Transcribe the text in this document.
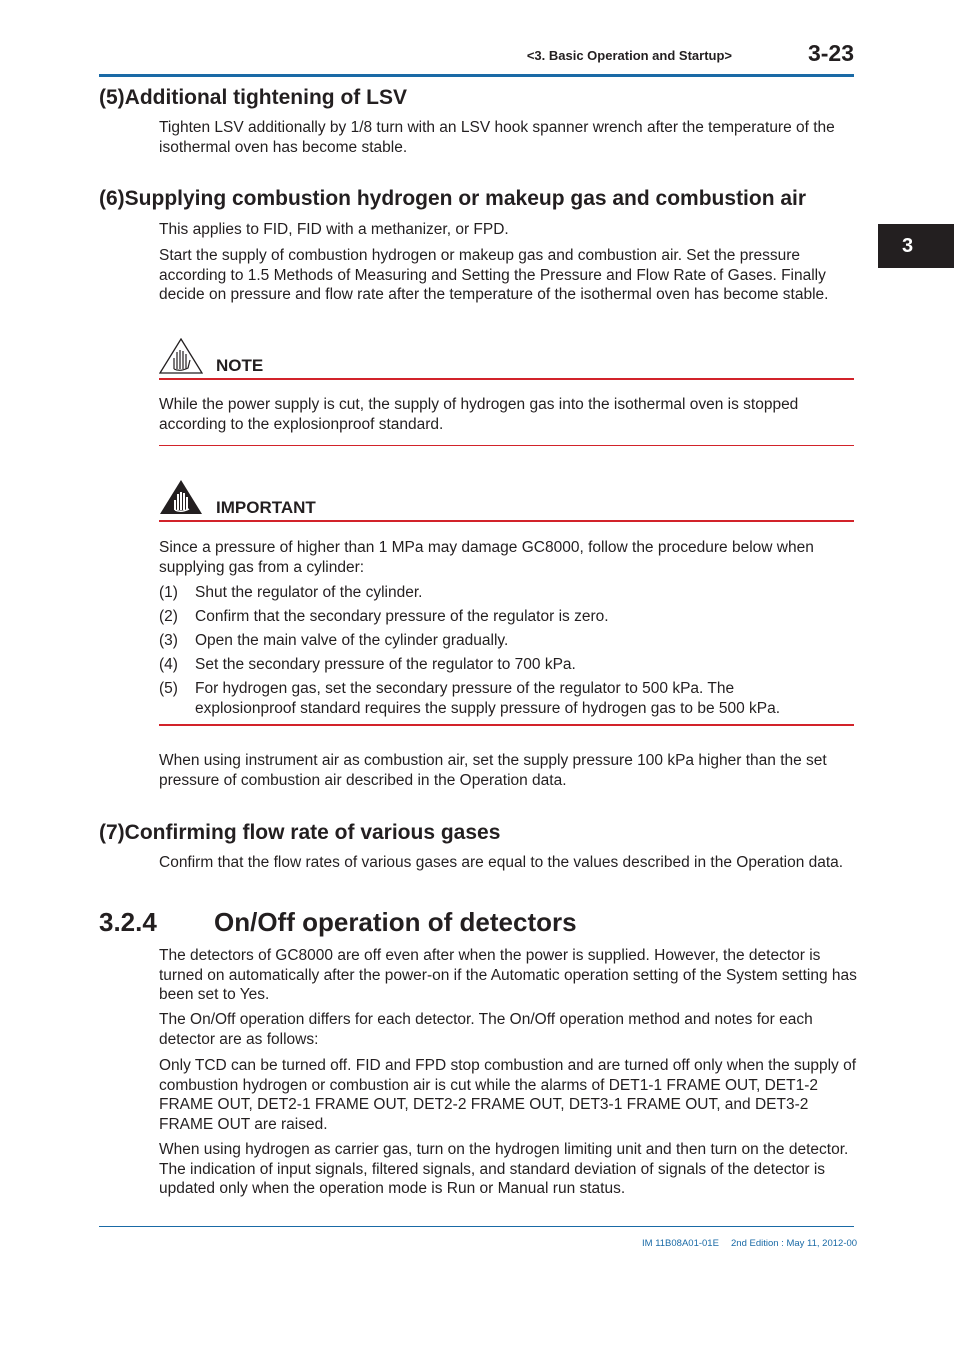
<3. Basic Operation and Startup>	3-23
3
(5)Additional tightening of LSV
Tighten LSV additionally by 1/8 turn with an LSV hook spanner wrench after the temperature of the isothermal oven has become stable.
(6)Supplying combustion hydrogen or makeup gas and combustion air
This applies to FID, FID with a methanizer, or FPD.
Start the supply of combustion hydrogen or makeup gas and combustion air. Set the pressure according to 1.5 Methods of Measuring and Setting the Pressure and Flow Rate of Gases. Finally decide on pressure and flow rate after the temperature of the isothermal oven has become stable.
NOTE
While the power supply is cut, the supply of hydrogen gas into the isothermal oven is stopped according to the explosionproof standard.
IMPORTANT
Since a pressure of higher than 1 MPa may damage GC8000, follow the procedure below when supplying gas from a cylinder:
(1) Shut the regulator of the cylinder.
(2) Confirm that the secondary pressure of the regulator is zero.
(3) Open the main valve of the cylinder gradually.
(4) Set the secondary pressure of the regulator to 700 kPa.
(5) For hydrogen gas, set the secondary pressure of the regulator to 500 kPa. The explosionproof standard requires the supply pressure of hydrogen gas to be 500 kPa.
When using instrument air as combustion air, set the supply pressure 100 kPa higher than the set pressure of combustion air described in the Operation data.
(7)Confirming flow rate of various gases
Confirm that the flow rates of various gases are equal to the values described in the Operation data.
3.2.4 On/Off operation of detectors
The detectors of GC8000 are off even after when the power is supplied. However, the detector is turned on automatically after the power-on if the Automatic operation setting of the System setting has been set to Yes.
The On/Off operation differs for each detector. The On/Off operation method and notes for each detector are as follows:
Only TCD can be turned off. FID and FPD stop combustion and are turned off only when the supply of combustion hydrogen or combustion air is cut while the alarms of DET1-1 FRAME OUT, DET1-2 FRAME OUT, DET2-1 FRAME OUT, DET2-2 FRAME OUT, DET3-1 FRAME OUT, and DET3-2 FRAME OUT are raised.
When using hydrogen as carrier gas, turn on the hydrogen limiting unit and then turn on the detector. The indication of input signals, filtered signals, and standard deviation of signals of the detector is updated only when the operation mode is Run or Manual run status.
IM 11B08A01-01E 2nd Edition : May 11, 2012-00
